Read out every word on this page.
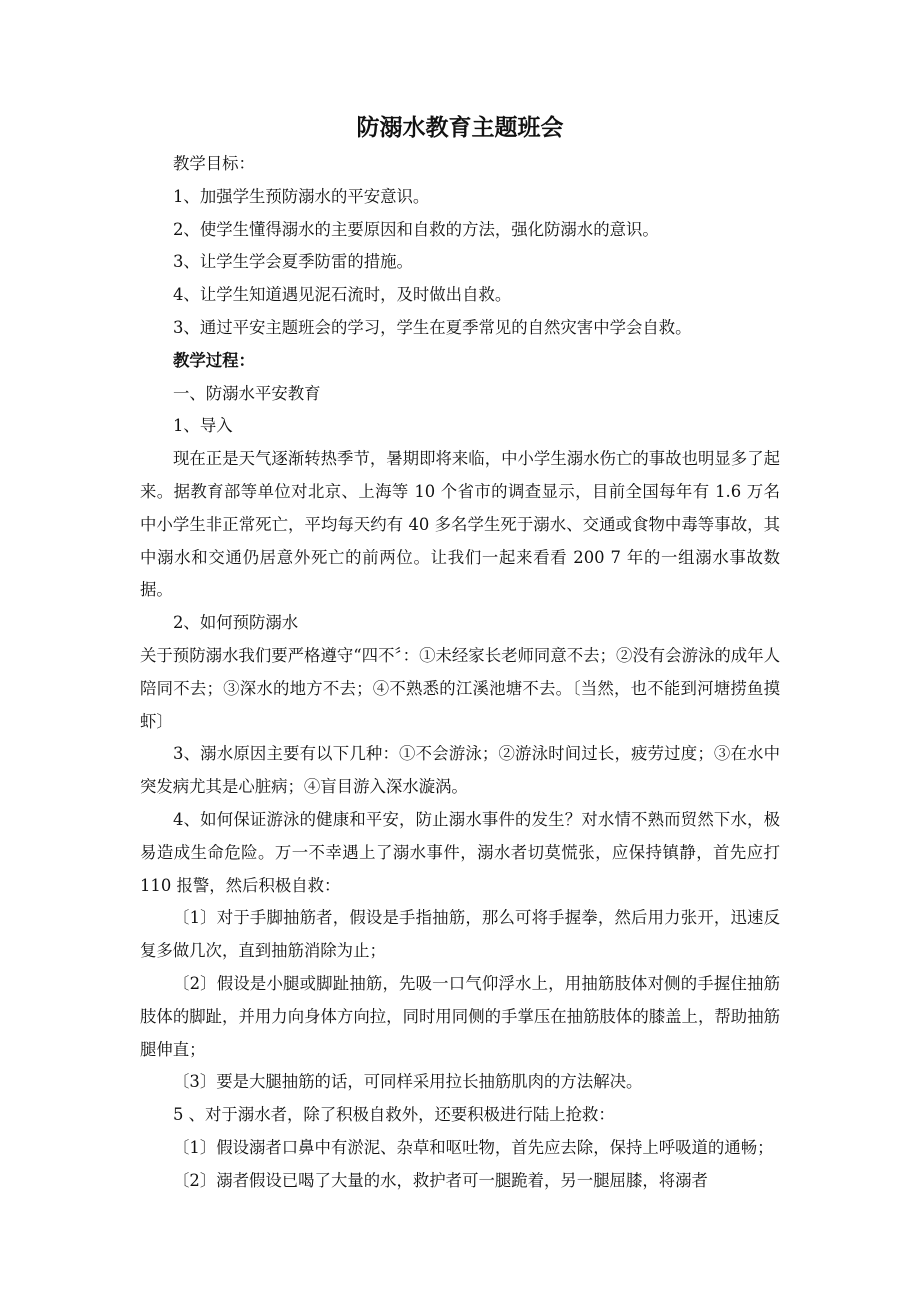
防溺水教育主题班会
教学目标：
1、加强学生预防溺水的平安意识。
2、使学生懂得溺水的主要原因和自救的方法，强化防溺水的意识。
3、让学生学会夏季防雷的措施。
4、让学生知道遇见泥石流时，及时做出自救。
3、通过平安主题班会的学习，学生在夏季常见的自然灾害中学会自救。
教学过程：
一、防溺水平安教育
1、导入
现在正是天气逐渐转热季节，暑期即将来临，中小学生溺水伤亡的事故也明显多了起来。据教育部等单位对北京、上海等 10 个省市的调查显示，目前全国每年有 1.6 万名中小学生非正常死亡，平均每天约有 40 多名学生死于溺水、交通或食物中毒等事故，其中溺水和交通仍居意外死亡的前两位。让我们一起来看看 200 7 年的一组溺水事故数据。
2、如何预防溺水
关于预防溺水我们要严格遵守“四不〞：①未经家长老师同意不去；②没有会游泳的成年人陪同不去；③深水的地方不去；④不熟悉的江溪池塘不去。〔当然，也不能到河塘捞鱼摸虾〕
3、溺水原因主要有以下几种：①不会游泳；②游泳时间过长，疲劳过度；③在水中突发病尤其是心脏病；④盲目游入深水漩涡。
4、如何保证游泳的健康和平安，防止溺水事件的发生？对水情不熟而贸然下水，极易造成生命危险。万一不幸遇上了溺水事件，溺水者切莫慌张，应保持镇静，首先应打 110 报警，然后积极自救：
〔1〕对于手脚抽筋者，假设是手指抽筋，那么可将手握拳，然后用力张开，迅速反复多做几次，直到抽筋消除为止；
〔2〕假设是小腿或脚趾抽筋，先吸一口气仰浮水上，用抽筋肢体对侧的手握住抽筋肢体的脚趾，并用力向身体方向拉，同时用同侧的手掌压在抽筋肢体的膝盖上，帮助抽筋腿伸直；
〔3〕要是大腿抽筋的话，可同样采用拉长抽筋肌肉的方法解决。
5 、对于溺水者，除了积极自救外，还要积极进行陆上抢救：
〔1〕假设溺者口鼻中有淤泥、杂草和呕吐物，首先应去除，保持上呼吸道的通畅；
〔2〕溺者假设已喝了大量的水，救护者可一腿跪着，另一腿屈膝，将溺者
